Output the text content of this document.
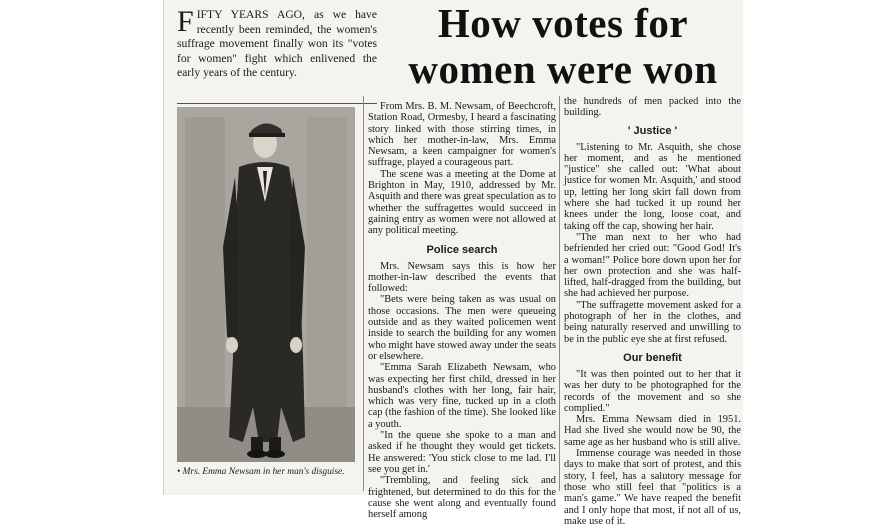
FIFTY YEARS AGO, as we have recently been reminded, the women's suffrage movement finally won its "votes for women" fight which enlivened the early years of the century.
• Mrs. Emma Newsam in her man's disguise.
How votes for
women were won

From Mrs. B. M. Newsam, of Beechcroft, Station Road, Ormesby, I heard a fascinating story linked with those stirring times, in which her mother-in-law, Mrs. Emma Newsam, a keen campaigner for women's suffrage, played a courageous part.

The scene was a meeting at the Dome at Brighton in May, 1910, addressed by Mr. Asquith and there was great speculation as to whether the suffragettes would succeed in gaining entry as women were not allowed at any political meeting.

Police search

Mrs. Newsam says this is how her mother-in-law described the events that followed:

"Bets were being taken as was usual on those occasions. The men were queueing outside and as they waited policemen went inside to search the building for any women who might have stowed away under the seats or elsewhere.

"Emma Sarah Elizabeth Newsam, who was expecting her first child, dressed in her husband's clothes with her long, fair hair, which was very fine, tucked up in a cloth cap (the fashion of the time). She looked like a youth.

"In the queue she spoke to a man and asked if he thought they would get tickets. He answered: 'You stick close to me lad. I'll see you get in.'

"Trembling, and feeling sick and frightened, but determined to do this for the cause she went along and eventually found herself among

the hundreds of men packed into the building.

' Justice '

"Listening to Mr. Asquith, she chose her moment, and as he mentioned "justice" she called out: 'What about justice for women Mr. Asquith,' and stood up, letting her long skirt fall down from where she had tucked it up round her knees under the long, loose coat, and taking off the cap, showing her hair.

"The man next to her who had befriended her cried out: "Good God! It's a woman!" Police bore down upon her for her own protection and she was half-lifted, half-dragged from the building, but she had achieved her purpose.

"The suffragette movement asked for a photograph of her in the clothes, and being naturally reserved and unwilling to be in the public eye she at first refused.

Our benefit

"It was then pointed out to her that it was her duty to be photographed for the records of the movement and so she complied."

Mrs. Emma Newsam died in 1951. Had she lived she would now be 90, the same age as her husband who is still alive.

Immense courage was needed in those days to make that sort of protest, and this story, I feel, has a salutory message for those who still feel that "politics is a man's game." We have reaped the benefit and I only hope that most, if not all of us, make use of it.
